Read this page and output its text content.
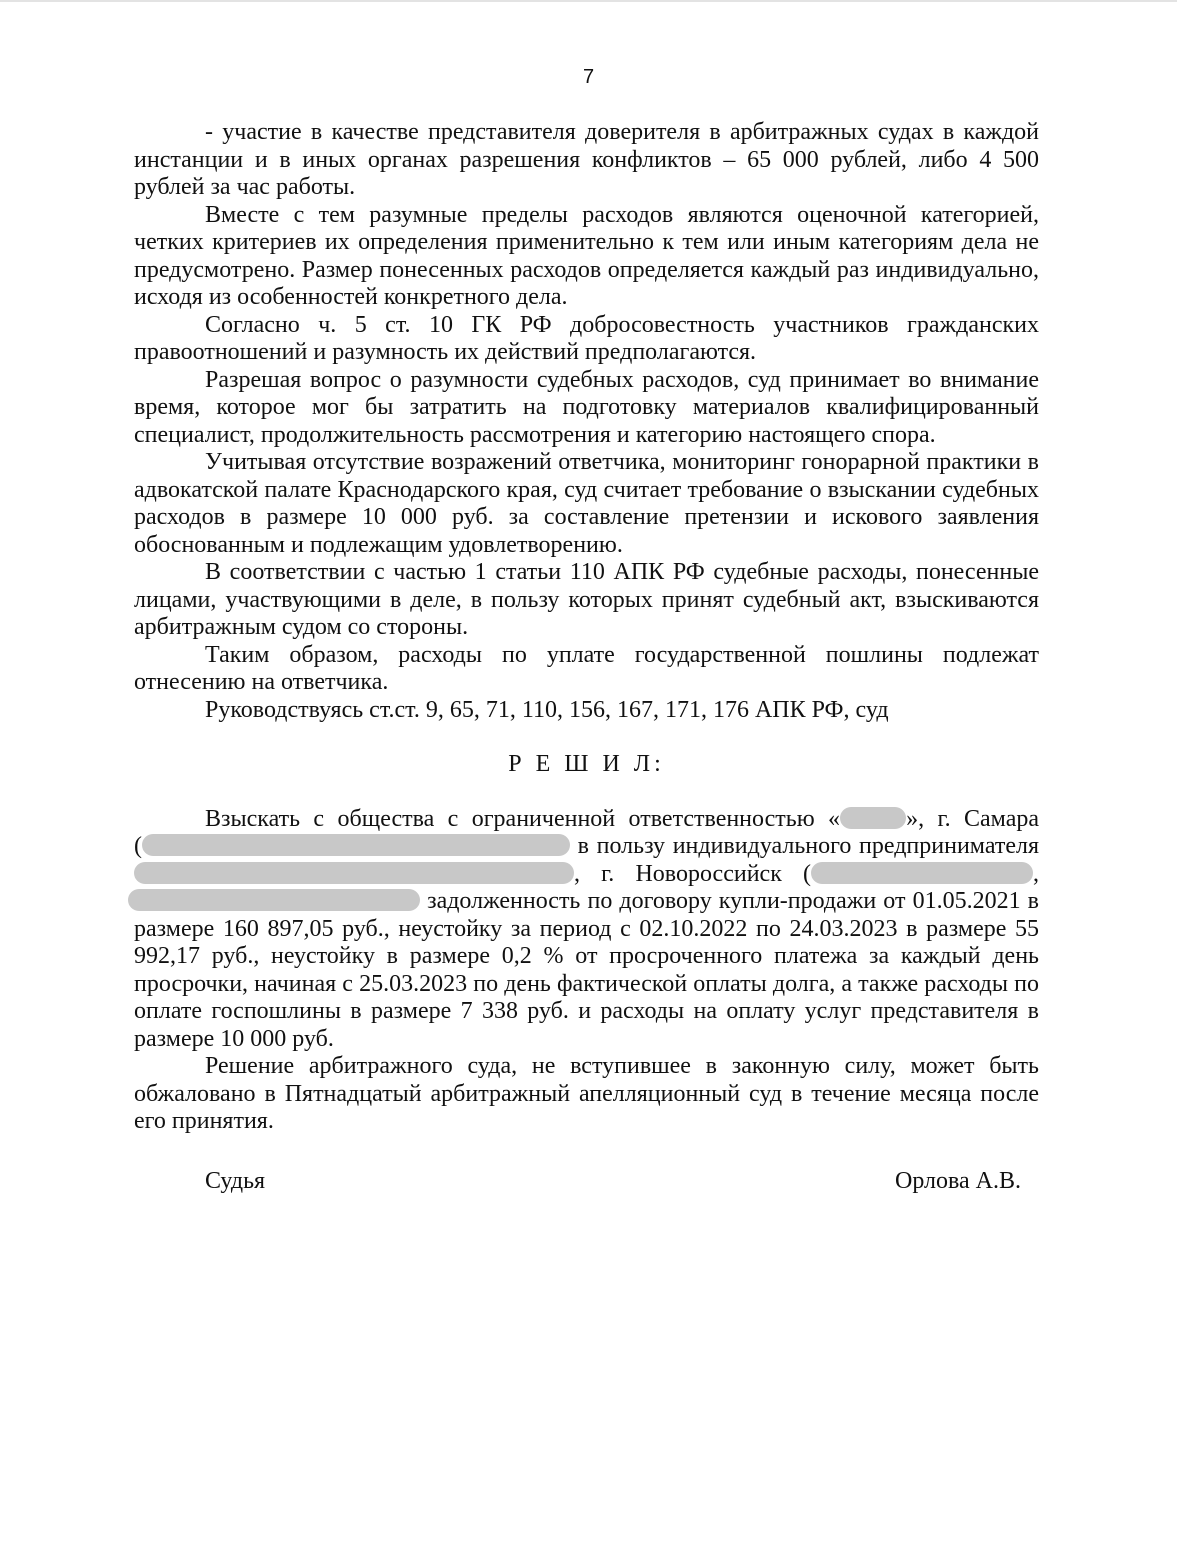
7

- участие в качестве представителя доверителя в арбитражных судах в каждой инстанции и в иных органах разрешения конфликтов – 65 000 рублей, либо 4 500 рублей за час работы.

Вместе с тем разумные пределы расходов являются оценочной категорией, четких критериев их определения применительно к тем или иным категориям дела не предусмотрено. Размер понесенных расходов определяется каждый раз индивидуально, исходя из особенностей конкретного дела.

Согласно ч. 5 ст. 10 ГК РФ добросовестность участников гражданских правоотношений и разумность их действий предполагаются.

Разрешая вопрос о разумности судебных расходов, суд принимает во внимание время, которое мог бы затратить на подготовку материалов квалифицированный специалист, продолжительность рассмотрения и категорию настоящего спора.

Учитывая отсутствие возражений ответчика, мониторинг гонорарной практики в адвокатской палате Краснодарского края, суд считает требование о взыскании судебных расходов в размере 10 000 руб. за составление претензии и искового заявления обоснованным и подлежащим удовлетворению.

В соответствии с частью 1 статьи 110 АПК РФ судебные расходы, понесенные лицами, участвующими в деле, в пользу которых принят судебный акт, взыскиваются арбитражным судом со стороны.

Таким образом, расходы по уплате государственной пошлины подлежат отнесению на ответчика.

Руководствуясь ст.ст. 9, 65, 71, 110, 156, 167, 171, 176 АПК РФ, суд

Р Е Ш И Л:

Взыскать с общества с ограниченной ответственностью «	», г. Самара
(	в пользу индивидуального предпринимателя
, г. Новороссийск (	,
задолженность по договору купли-продажи от 01.05.2021 в
размере 160 897,05 руб., неустойку за период с 02.10.2022 по 24.03.2023 в размере 55 992,17 руб., неустойку в размере 0,2 % от просроченного платежа за каждый день просрочки, начиная с 25.03.2023 по день фактической оплаты долга, а также расходы по оплате госпошлины в размере 7 338 руб. и расходы на оплату услуг представителя в размере 10 000 руб.

Решение арбитражного суда, не вступившее в законную силу, может быть обжаловано в Пятнадцатый арбитражный апелляционный суд в течение месяца после его принятия.

Судья	Орлова А.В.
